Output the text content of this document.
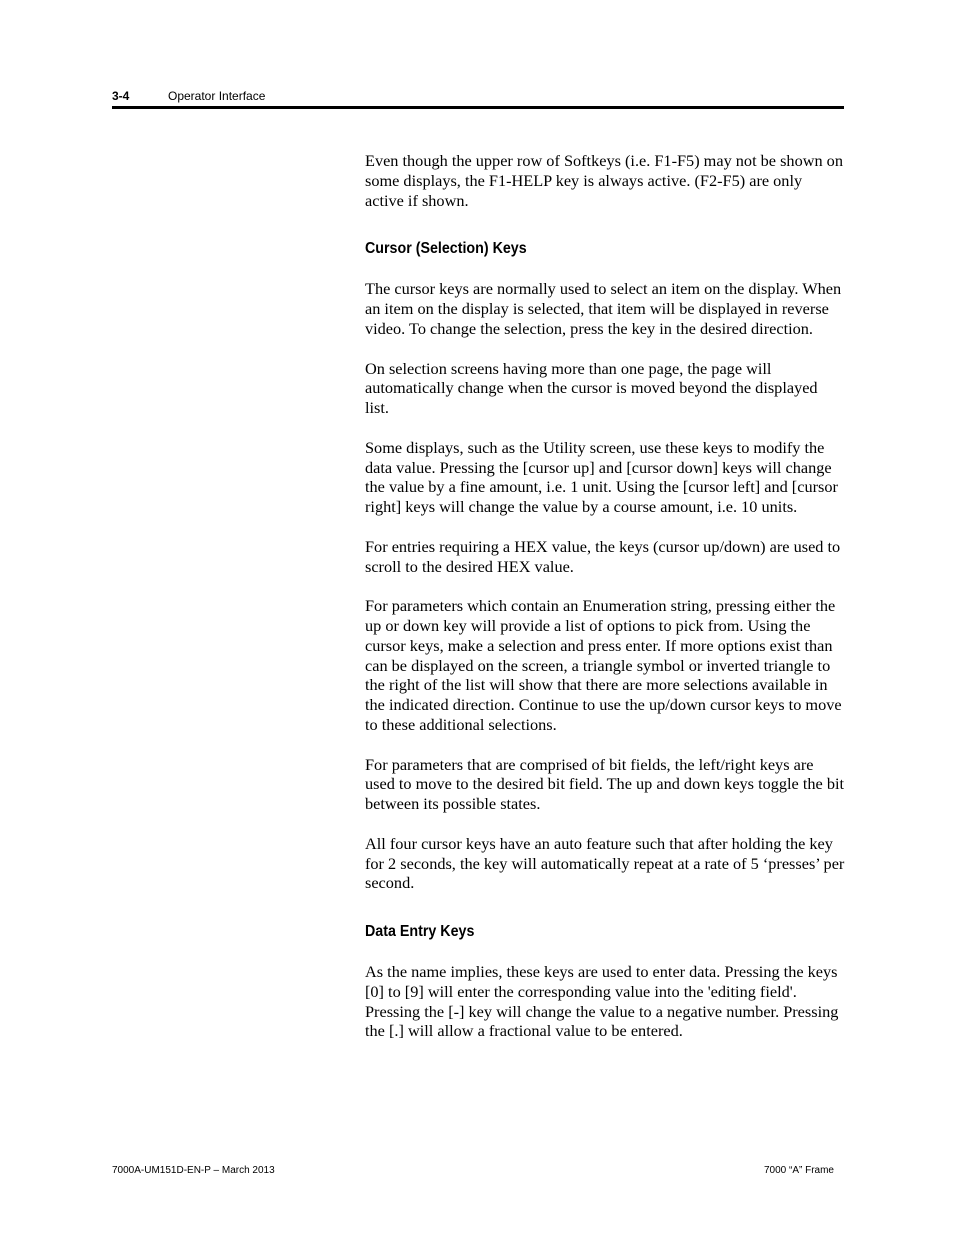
3-4	Operator Interface

Even though the upper row of Softkeys (i.e. F1-F5) may not be shown on some displays, the F1-HELP key is always active. (F2-F5) are only active if shown.

Cursor (Selection) Keys

The cursor keys are normally used to select an item on the display. When an item on the display is selected, that item will be displayed in reverse video. To change the selection, press the key in the desired direction.

On selection screens having more than one page, the page will automatically change when the cursor is moved beyond the displayed list.

Some displays, such as the Utility screen, use these keys to modify the data value. Pressing the [cursor up] and [cursor down] keys will change the value by a fine amount, i.e. 1 unit. Using the [cursor left] and [cursor right] keys will change the value by a course amount, i.e. 10 units.

For entries requiring a HEX value, the keys (cursor up/down) are used to scroll to the desired HEX value.

For parameters which contain an Enumeration string, pressing either the up or down key will provide a list of options to pick from. Using the cursor keys, make a selection and press enter. If more options exist than can be displayed on the screen, a triangle symbol or inverted triangle to the right of the list will show that there are more selections available in the indicated direction. Continue to use the up/down cursor keys to move to these additional selections.

For parameters that are comprised of bit fields, the left/right keys are used to move to the desired bit field. The up and down keys toggle the bit between its possible states.

All four cursor keys have an auto feature such that after holding the key for 2 seconds, the key will automatically repeat at a rate of 5 ‘presses’ per second.

Data Entry Keys

As the name implies, these keys are used to enter data. Pressing the keys [0] to [9] will enter the corresponding value into the 'editing field'. Pressing the [-] key will change the value to a negative number. Pressing the [.] will allow a fractional value to be entered.

7000A-UM151D-EN-P – March 2013	7000 “A” Frame
